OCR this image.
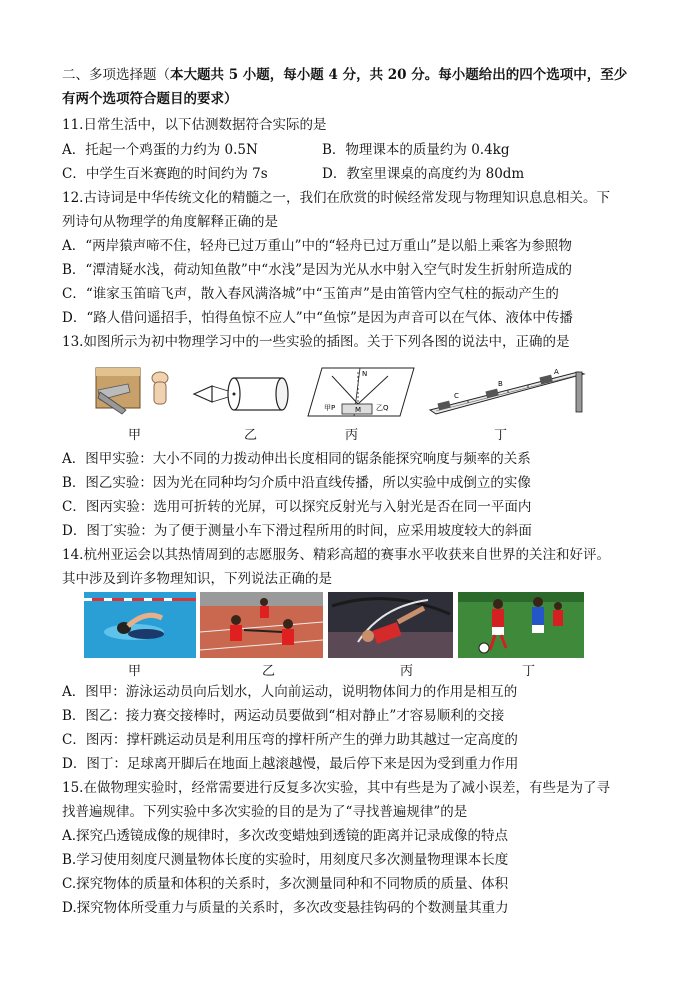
二、多项选择题（本大题共 5 小题，每小题 4 分，共 20 分。每小题给出的四个选项中，至少
有两个选项符合题目的要求）
11.日常生活中，以下估测数据符合实际的是
A．托起一个鸡蛋的力约为 0.5N	B．物理课本的质量约为 0.4kg
C．中学生百米赛跑的时间约为 7s	D．教室里课桌的高度约为 80dm
12.古诗词是中华传统文化的精髓之一，我们在欣赏的时候经常发现与物理知识息息相关。下
列诗句从物理学的角度解释正确的是
A．“两岸猿声啼不住，轻舟已过万重山”中的“轻舟已过万重山”是以船上乘客为参照物
B．“潭清疑水浅，荷动知鱼散”中“水浅”是因为光从水中射入空气时发生折射所造成的
C．“谁家玉笛暗飞声，散入春风满洛城”中“玉笛声”是由笛管内空气柱的振动产生的
D．“路人借问遥招手，怕得鱼惊不应人”中“鱼惊”是因为声音可以在气体、液体中传播
13.如图所示为初中物理学习中的一些实验的插图。关于下列各图的说法中，正确的是
N
甲P	乙Q
M
C
B
A
甲	乙	丙	丁
A．图甲实验：大小不同的力拨动伸出长度相同的锯条能探究响度与频率的关系
B．图乙实验：因为光在同种均匀介质中沿直线传播，所以实验中成倒立的实像
C．图丙实验：选用可折转的光屏，可以探究反射光与入射光是否在同一平面内
D．图丁实验：为了便于测量小车下滑过程所用的时间，应采用坡度较大的斜面
14.杭州亚运会以其热情周到的志愿服务、精彩高超的赛事水平收获来自世界的关注和好评。
其中涉及到许多物理知识，下列说法正确的是
甲	乙	丙	丁
A．图甲：游泳运动员向后划水，人向前运动，说明物体间力的作用是相互的
B．图乙：接力赛交接棒时，两运动员要做到“相对静止”才容易顺利的交接
C．图丙：撑杆跳运动员是利用压弯的撑杆所产生的弹力助其越过一定高度的
D．图丁：足球离开脚后在地面上越滚越慢，最后停下来是因为受到重力作用
15.在做物理实验时，经常需要进行反复多次实验，其中有些是为了减小误差，有些是为了寻
找普遍规律。下列实验中多次实验的目的是为了“寻找普遍规律”的是
A.探究凸透镜成像的规律时，多次改变蜡烛到透镜的距离并记录成像的特点
B.学习使用刻度尺测量物体长度的实验时，用刻度尺多次测量物理课本长度
C.探究物体的质量和体积的关系时，多次测量同种和不同物质的质量、体积
D.探究物体所受重力与质量的关系时，多次改变悬挂钩码的个数测量其重力
